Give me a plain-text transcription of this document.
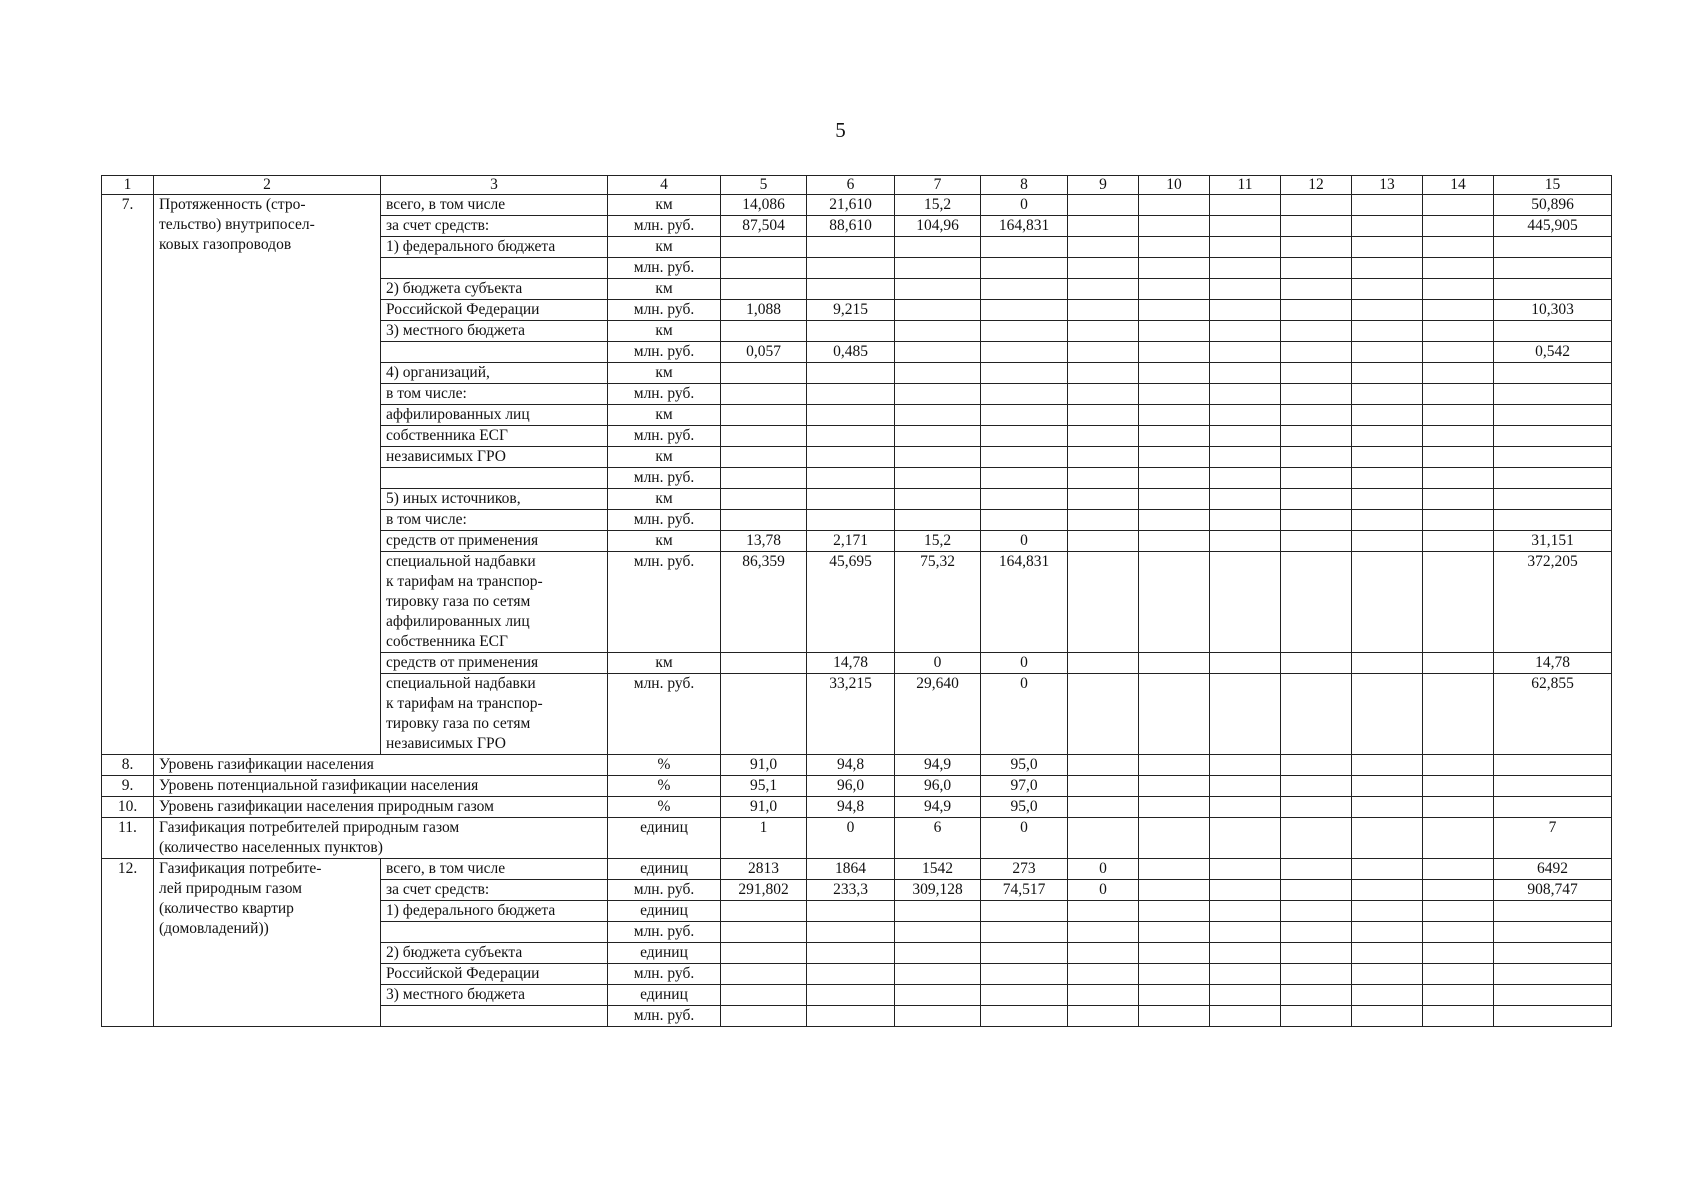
5
1	2	3	4	5	6	7	8	9	10	11	12	13	14	15
7.	Протяженность (стро-
тельство) внутрипосел-
ковых газопроводов	всего, в том числе	км	14,086	21,610	15,2	0							50,896
		за счет средств:	млн. руб.	87,504	88,610	104,96	164,831							445,905
		1) федерального бюджета	км											
			млн. руб.											
		2) бюджета субъекта	км											
		Российской Федерации	млн. руб.	1,088	9,215									10,303
		3) местного бюджета	км											
			млн. руб.	0,057	0,485									0,542
		4) организаций,	км											
		в том числе:	млн. руб.											
		аффилированных лиц	км											
		собственника ЕСГ	млн. руб.											
		независимых ГРО	км											
			млн. руб.											
		5) иных источников,	км											
		в том числе:	млн. руб.											
		средств от применения	км	13,78	2,171	15,2	0							31,151
		специальной надбавки
к тарифам на транспор-
тировку газа по сетям
аффилированных лиц
собственника ЕСГ	млн. руб.	86,359	45,695	75,32	164,831							372,205
		средств от применения	км		14,78	0	0							14,78
		специальной надбавки
к тарифам на транспор-
тировку газа по сетям
независимых ГРО	млн. руб.		33,215	29,640	0							62,855
8.	Уровень газификации населения		%	91,0	94,8	94,9	95,0							
9.	Уровень потенциальной газификации населения		%	95,1	96,0	96,0	97,0							
10.	Уровень газификации населения природным газом		%	91,0	94,8	94,9	95,0							
11.	Газификация потребителей природным газом
(количество населенных пунктов)		единиц	1	0	6	0							7
12.	Газификация потребите-
лей природным газом
(количество квартир
(домовладений))	всего, в том числе	единиц	2813	1864	1542	273	0						6492
		за счет средств:	млн. руб.	291,802	233,3	309,128	74,517	0						908,747
		1) федерального бюджета	единиц											
			млн. руб.											
		2) бюджета субъекта	единиц											
		Российской Федерации	млн. руб.											
		3) местного бюджета	единиц											
			млн. руб.											
